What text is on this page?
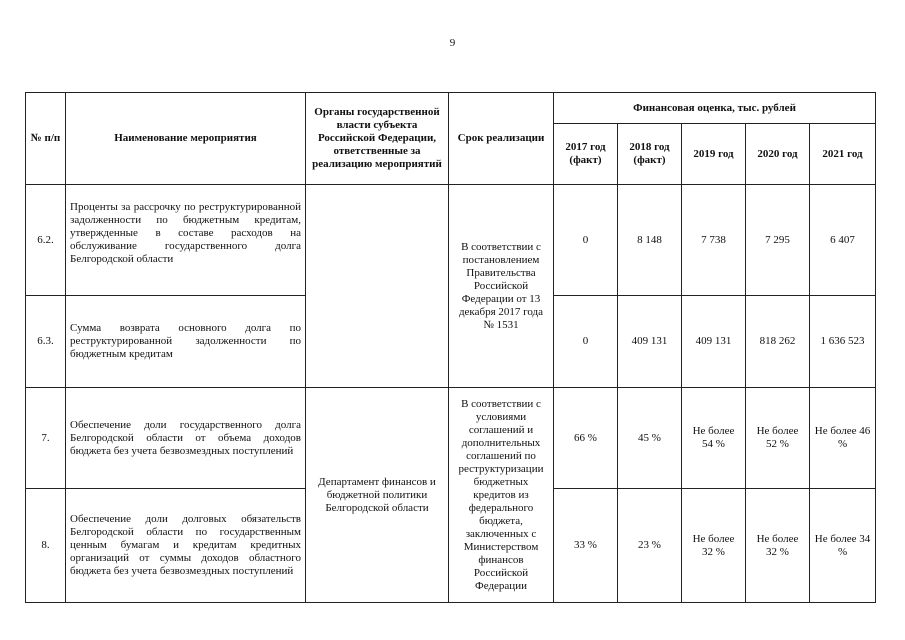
9
№ п/п	Наименование мероприятия	Органы государственной власти субъекта Российской Федерации, ответственные за реализацию мероприятий	Срок реализации	Финансовая оценка, тыс. рублей				
				2017 год (факт)	2018 год (факт)	2019 год	2020 год	2021 год
6.2.	Проценты за рассрочку по реструктурированной задолженности по бюджетным кредитам, утвержденные в составе расходов на обслуживание государственного долга Белгородской области		В соответствии с постановлением Правительства Российской Федерации от 13 декабря 2017 года № 1531	0	8 148	7 738	7 295	6 407
6.3.	Сумма возврата основного долга по реструктурированной задолженности по бюджетным кредитам			0	409 131	409 131	818 262	1 636 523
7.	Обеспечение доли государственного долга Белгородской области от объема доходов бюджета без учета безвозмездных поступлений	Департамент финансов и бюджетной политики Белгородской области	В соответствии с условиями соглашений и дополнительных соглашений по реструктуризации бюджетных кредитов из федерального бюджета, заключенных с Министерством финансов Российской Федерации	66 %	45 %	Не более 54 %	Не более 52 %	Не более 46 %
8.	Обеспечение доли долговых обязательств Белгородской области по государственным ценным бумагам и кредитам кредитных организаций от суммы доходов областного бюджета без учета безвозмездных поступлений			33 %	23 %	Не более 32 %	Не более 32 %	Не более 34 %
